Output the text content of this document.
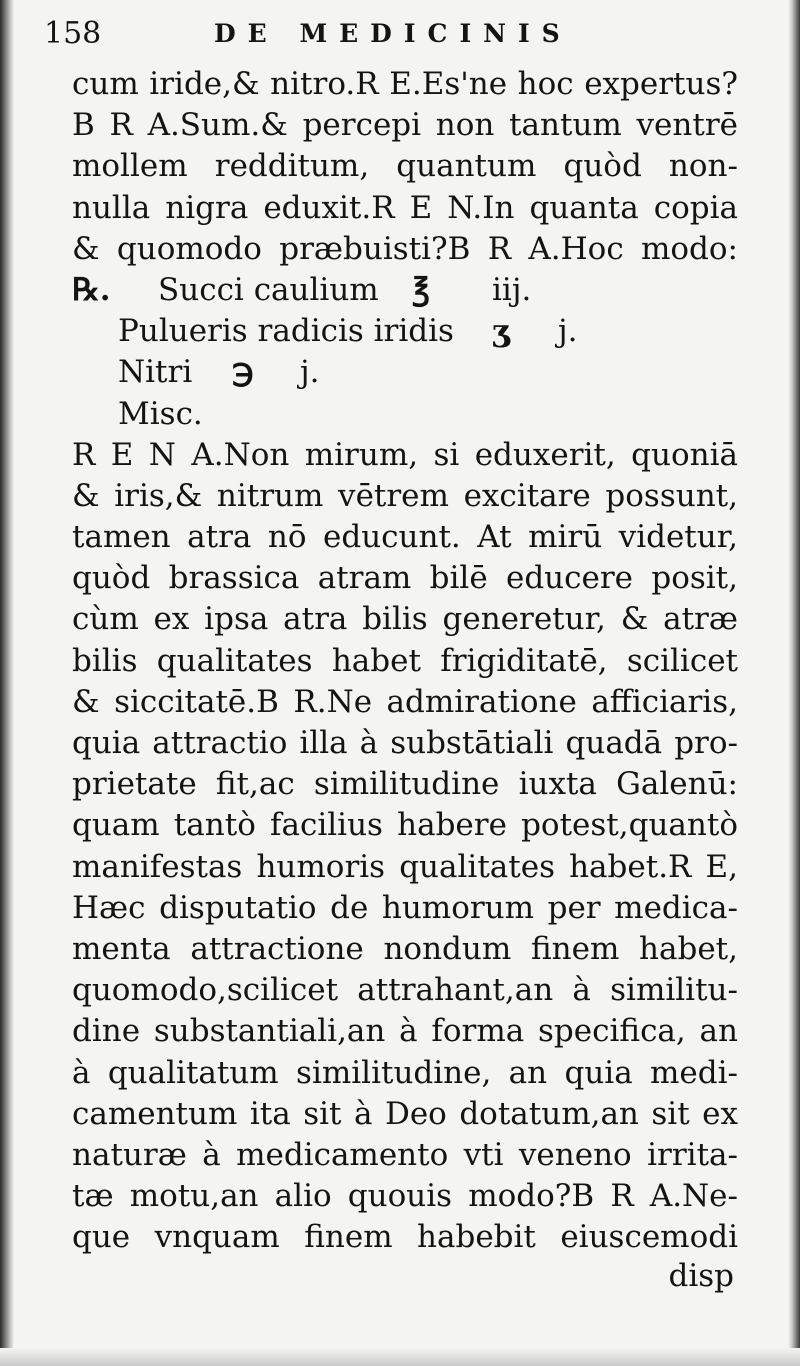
158	DE MEDICINIS
cum iride,& nitro.R E.Es'ne hoc expertus?
B R A.Sum.& percepi non tantum ventrē
mollem redditum, quantum quòd non-
nulla nigra eduxit.R E N.In quanta copia
& quomodo præbuisti?B R A.Hoc modo:
℞. Succi caulium ℥ iij.
Pulueris radicis iridis ʒ j.
Nitri ℈ j.
Misc.
R E N A.Non mirum, si eduxerit, quoniā
& iris,& nitrum vētrem excitare possunt,
tamen atra nō educunt. At mirū videtur,
quòd brassica atram bilē educere posit,
cùm ex ipsa atra bilis generetur, & atræ
bilis qualitates habet frigiditatē, scilicet
& siccitatē.B R.Ne admiratione afficiaris,
quia attractio illa à substātiali quadā pro-
prietate fit,ac similitudine iuxta Galenū:
quam tantò facilius habere potest,quantò
manifestas humoris qualitates habet.R E,
Hæc disputatio de humorum per medica-
menta attractione nondum finem habet,
quomodo,scilicet attrahant,an à similitu-
dine substantiali,an à forma specifica, an
à qualitatum similitudine, an quia medi-
camentum ita sit à Deo dotatum,an sit ex
naturæ à medicamento vti veneno irrita-
tæ motu,an alio quouis modo?B R A.Ne-
que vnquam finem habebit eiuscemodi
disp
